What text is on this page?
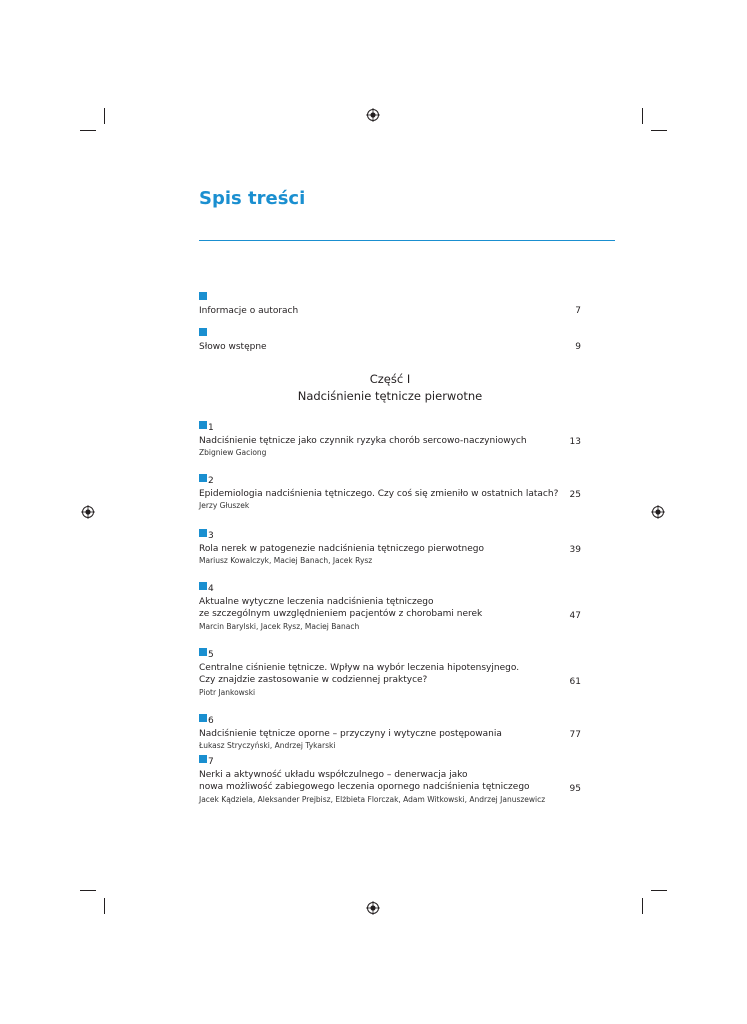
Spis treści
Informacje o autorach	7
Słowo wstępne	9
Część I
Nadciśnienie tętnicze pierwotne
1
Nadciśnienie tętnicze jako czynnik ryzyka chorób sercowo-naczyniowych	13
Zbigniew Gaciong
2
Epidemiologia nadciśnienia tętniczego. Czy coś się zmieniło w ostatnich latach? 25
Jerzy Głuszek
3
Rola nerek w patogenezie nadciśnienia tętniczego pierwotnego	39
Mariusz Kowalczyk, Maciej Banach, Jacek Rysz
4
Aktualne wytyczne leczenia nadciśnienia tętniczego
ze szczególnym uwzględnieniem pacjentów z chorobami nerek	47
Marcin Barylski, Jacek Rysz, Maciej Banach
5
Centralne ciśnienie tętnicze. Wpływ na wybór leczenia hipotensyjnego.
Czy znajdzie zastosowanie w codziennej praktyce?	61
Piotr Jankowski
6
Nadciśnienie tętnicze oporne – przyczyny i wytyczne postępowania	77
Łukasz Stryczyński, Andrzej Tykarski
7
Nerki a aktywność układu współczulnego – denerwacja jako
nowa możliwość zabiegowego leczenia opornego nadciśnienia tętniczego	95
Jacek Kądziela, Aleksander Prejbisz, Elżbieta Florczak, Adam Witkowski, Andrzej Januszewicz
